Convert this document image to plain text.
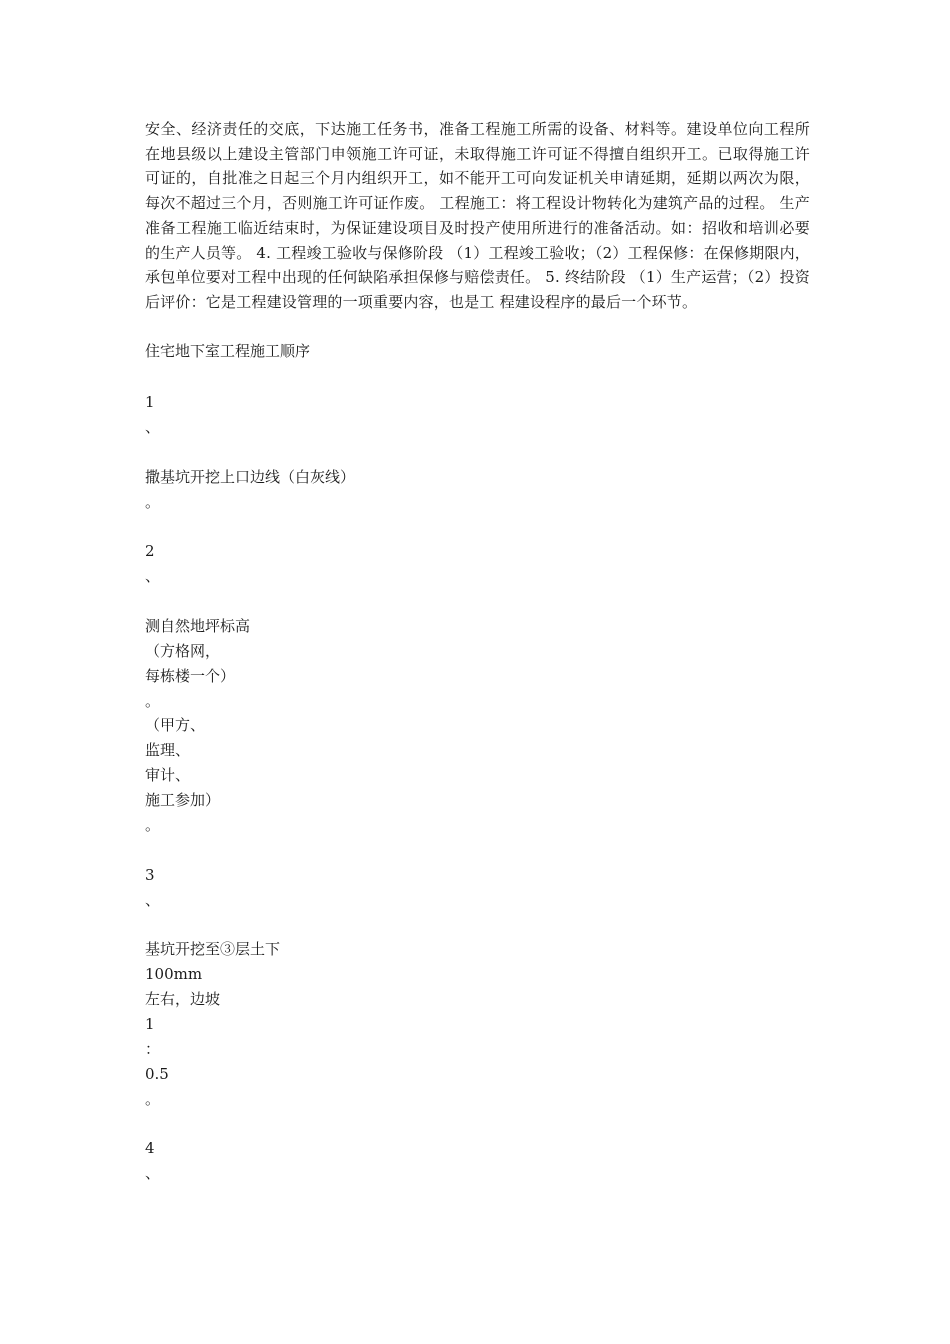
安全、经济责任的交底，下达施工任务书，准备工程施工所需的设备、材料等。建设单位向工程所在地县级以上建设主管部门申领施工许可证，未取得施工许可证不得擅自组织开工。已取得施工许可证的，自批准之日起三个月内组织开工，如不能开工可向发证机关申请延期，延期以两次为限，每次不超过三个月，否则施工许可证作废。 工程施工：将工程设计物转化为建筑产品的过程。 生产准备工程施工临近结束时，为保证建设项目及时投产使用所进行的准备活动。如：招收和培训必要的生产人员等。 4. 工程竣工验收与保修阶段 （1）工程竣工验收；（2）工程保修：在保修期限内，承包单位要对工程中出现的任何缺陷承担保修与赔偿责任。 5. 终结阶段 （1）生产运营；（2）投资后评价：它是工程建设管理的一项重要内容，也是工 程建设程序的最后一个环节。
住宅地下室工程施工顺序
1
、
撒基坑开挖上口边线（白灰线）
。
2
、
测自然地坪标高
（方格网，
每栋楼一个）
。
（甲方、
监理、
审计、
施工参加）
。
3
、
基坑开挖至③层土下
100mm
左右，边坡
1
：
0.5
。
4
、
